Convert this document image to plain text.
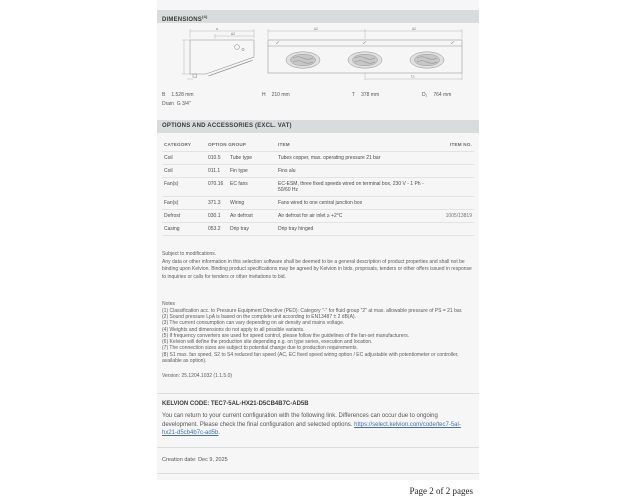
DIMENSIONS$^{(4)}$
a
A2
A2	A2
D₁
B 1.528 mm	H 210 mm	T 378 mm	D₁ 764 mm
Drain G 3/4"
OPTIONS AND ACCESSORIES (EXCL. VAT)
CATEGORY	OPTION GROUP	ITEM	ITEM NO.
Coil	010.5	Tube type	Tubes copper, max. operating pressure 21 bar
Coil	011.1	Fin type	Fins alu
Fan(s)	070.16	EC fans	EC-ESM, three fixed speeds wired on terminal box, 230 V - 1 Ph - 50/60 Hz
Fan(s)	371.3	Wiring	Fans wired to one central junction box
Defrost	030.1	Air defrost	Air defrost for air inlet ≥ +2°C	1005/13819
Casing	053.2	Drip tray	Drip tray hinged
Subject to modifications.
Any data or other information in this selection software shall be deemed to be a general description of product properties and shall not be binding upon Kelvion. Binding product specifications may be agreed by Kelvion in bids, proposals, tenders or other offers issued in response to inquiries or calls for tenders or other invitations to bid.
Notes
(1) Classification acc. to Pressure Equipment Directive (PED): Category "-" for fluid group "2" at max. allowable pressure of PS = 21 bar.
(2) Sound pressure LpA is based on the complete unit according to EN13487 ± 2 dB(A).
(3) The current consumption can vary depending on air density and mains voltage.
(4) Weights and dimensions do not apply to all possible variants.
(5) If frequency converters are used for speed control, please follow the guidelines of the fan-set manufacturers.
(6) Kelvion will define the production site depending e.g. on type series, execution and location.
(7) The connection sizes are subject to potential change due to production requirements.
(8) S1 max. fan speed, S2 to S4 reduced fan speed (AC, EC fixed speed wiring option / EC adjustable with potentiometer or controller, available as option).
Version: 25.1204.1032 (1.1.5.0)
KELVION CODE: TEC7-5AL-HX21-D5CB4B7C-AD5B
You can return to your current configuration with the following link. Differences can occur due to ongoing development. Please check the final configuration and selected options. https://select.kelvion.com/code/tec7-5al-hx21-d5cb4b7c-ad5b.
Creation date: Dec 9, 2025
Page 2 of 2 pages
